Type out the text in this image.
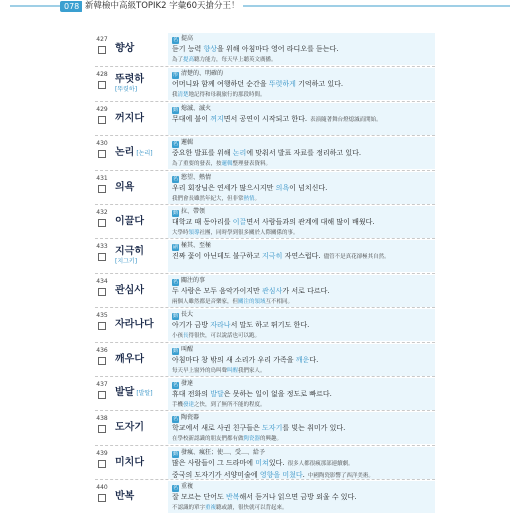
078 新韓檢中高級TOPIK2 字彙60天搶分王！
427
향상
名 提高
듣기 능력 향상을 위해 아침마다 영어 라디오를 듣는다.
為了提高聽力能力，每天早上聽英文廣播。
428 뚜렷하
[뚜렷하]
形 清楚的、明確的
어머니와 함께 여행하던 순간을 뚜렷하게 기억하고 있다.
我清楚地記得和母親旅行的那段時間。
429
꺼지다
動 熄滅、滅火
무대에 불이 꺼지면서 공연이 시작되고 한다. 表演隨著舞台燈熄滅而開始。
430
논리 [논리]
名 邏輯
중요한 발표를 위해 논리에 맞춰서 발표 자료를 정리하고 있다.
為了重要的發表，按邏輯整理發表資料。
431
의욕
名 慾望、熱情
우리 회장님은 연세가 많으시지만 의욕이 넘치신다.
我們會長雖然年紀大，但非常熱情。
432
이끌다
動 拉、帶領
대학교 때 동아리를 이끌면서 사람들과의 관계에 대해 많이 배웠다.
大學時領導社團，同時學到很多關於人際關係的事。
433 지극히
[지그키]
副 極其、至極
진짜 꽃이 아닌데도 불구하고 지극히 자연스럽다. 儘管不是真花卻極其自然。
434
관심사
名 關注的事
두 사람은 모두 음악가이지만 관심사가 서로 다르다.
兩個人雖然都是音樂家，但關注的領域互不相同。
435
자라나다
動 長大
아기가 금방 자라나서 말도 하고 뛰기도 한다.
小孩長得很快，可以說話也可以跑。
436
깨우다
動 叫醒
아침마다 창 밖의 새 소리가 우리 가족을 깨운다.
每天早上窗外的鳥叫聲叫醒我們家人。
437
발달 [발딸]
名 發達
휴대 전화의 발달은 못하는 일이 없을 정도로 빠르다.
手機發達之快，到了無所不能的程度。
438
도자기
名 陶瓷器
학교에서 새로 사귄 친구들은 도자기를 빚는 취미가 있다.
在學校新認識的朋友們都有做陶瓷器的興趣。
439
미치다
動 發瘋、瘋狂；使…、受…、給予
많은 사람들이 그 드라마에 미쳐있다. 很多人都很瘋那部連續劇。
중국의 도자기가 서양미술에 영향을 미쳤다. 中國陶瓷影響了西洋美術。
440
반복
名 重複
잘 모르는 단어도 반복해서 듣거나 읽으면 금방 외울 수 있다.
不認識的單字重複聽或讀，很快就可以背起來。
